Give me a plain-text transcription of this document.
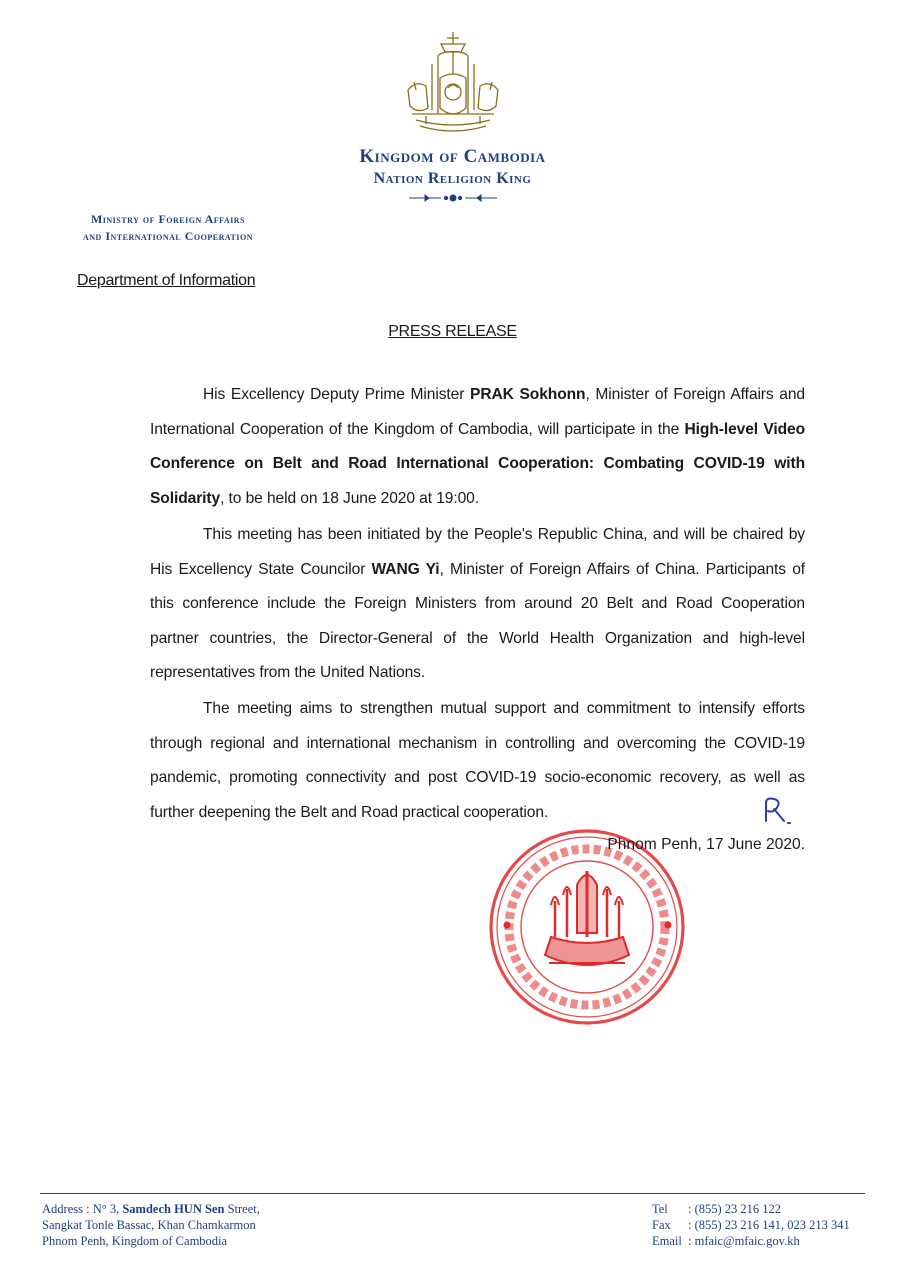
Kingdom of Cambodia
Nation Religion King
Ministry of Foreign Affairs
and International Cooperation
Department of Information
PRESS RELEASE
His Excellency Deputy Prime Minister PRAK Sokhonn, Minister of Foreign Affairs and International Cooperation of the Kingdom of Cambodia, will participate in the High-level Video Conference on Belt and Road International Cooperation: Combating COVID-19 with Solidarity, to be held on 18 June 2020 at 19:00.
This meeting has been initiated by the People's Republic China, and will be chaired by His Excellency State Councilor WANG Yi, Minister of Foreign Affairs of China. Participants of this conference include the Foreign Ministers from around 20 Belt and Road Cooperation partner countries, the Director-General of the World Health Organization and high-level representatives from the United Nations.
The meeting aims to strengthen mutual support and commitment to intensify efforts through regional and international mechanism in controlling and overcoming the COVID-19 pandemic, promoting connectivity and post COVID-19 socio-economic recovery, as well as further deepening the Belt and Road practical cooperation.
Phnom Penh, 17 June 2020.
Address : N° 3, Samdech HUN Sen Street,
Sangkat Tonle Bassac, Khan Chamkarmon
Phnom Penh, Kingdom of Cambodia
Tel : (855) 23 216 122
Fax : (855) 23 216 141, 023 213 341
Email : mfaic@mfaic.gov.kh
